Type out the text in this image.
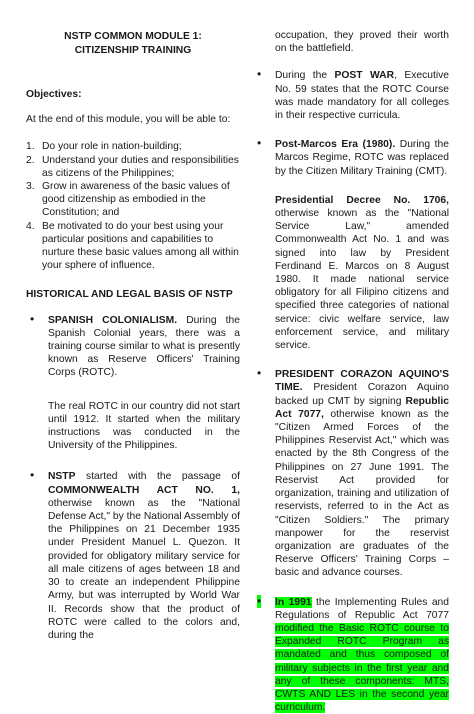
NSTP COMMON MODULE 1:
CITIZENSHIP TRAINING
Objectives:
At the end of this module, you will be able to:
1. Do your role in nation-building;
2. Understand your duties and responsibilities as citizens of the Philippines;
3. Grow in awareness of the basic values of good citizenship as embodied in the Constitution; and
4. Be motivated to do your best using your particular positions and capabilities to nurture these basic values among all within your sphere of influence.
HISTORICAL AND LEGAL BASIS OF NSTP
• SPANISH COLONIALISM. During the Spanish Colonial years, there was a training course similar to what is presently known as Reserve Officers' Training Corps (ROTC).
The real ROTC in our country did not start until 1912. It started when the military instructions was conducted in the University of the Philippines.
• NSTP started with the passage of COMMONWEALTH ACT NO. 1, otherwise known as the "National Defense Act," by the National Assembly of the Philippines on 21 December 1935 under President Manuel L. Quezon. It provided for obligatory military service for all male citizens of ages between 18 and 30 to create an independent Philippine Army, but was interrupted by World War II. Records show that the product of ROTC were called to the colors and, during the
occupation, they proved their worth on the battlefield.
• During the POST WAR, Executive No. 59 states that the ROTC Course was made mandatory for all colleges in their respective curricula.
• Post-Marcos Era (1980). During the Marcos Regime, ROTC was replaced by the Citizen Military Training (CMT).
Presidential Decree No. 1706, otherwise known as the "National Service Law," amended Commonwealth Act No. 1 and was signed into law by President Ferdinand E. Marcos on 8 August 1980. It made national service obligatory for all Filipino citizens and specified three categories of national service: civic welfare service, law enforcement service, and military service.
• PRESIDENT CORAZON AQUINO'S TIME. President Corazon Aquino backed up CMT by signing Republic Act 7077, otherwise known as the "Citizen Armed Forces of the Philippines Reservist Act," which was enacted by the 8th Congress of the Philippines on 27 June 1991. The Reservist Act provided for organization, training and utilization of reservists, referred to in the Act as "Citizen Soldiers." The primary manpower for the reservist organization are graduates of the Reserve Officers' Training Corps – basic and advance courses.
• In 1991 the Implementing Rules and Regulations of Republic Act 7077 modified the Basic ROTC course to Expanded ROTC Program as mandated and thus composed of military subjects in the first year and any of these components: MTS, CWTS AND LES in the second year curriculum.
